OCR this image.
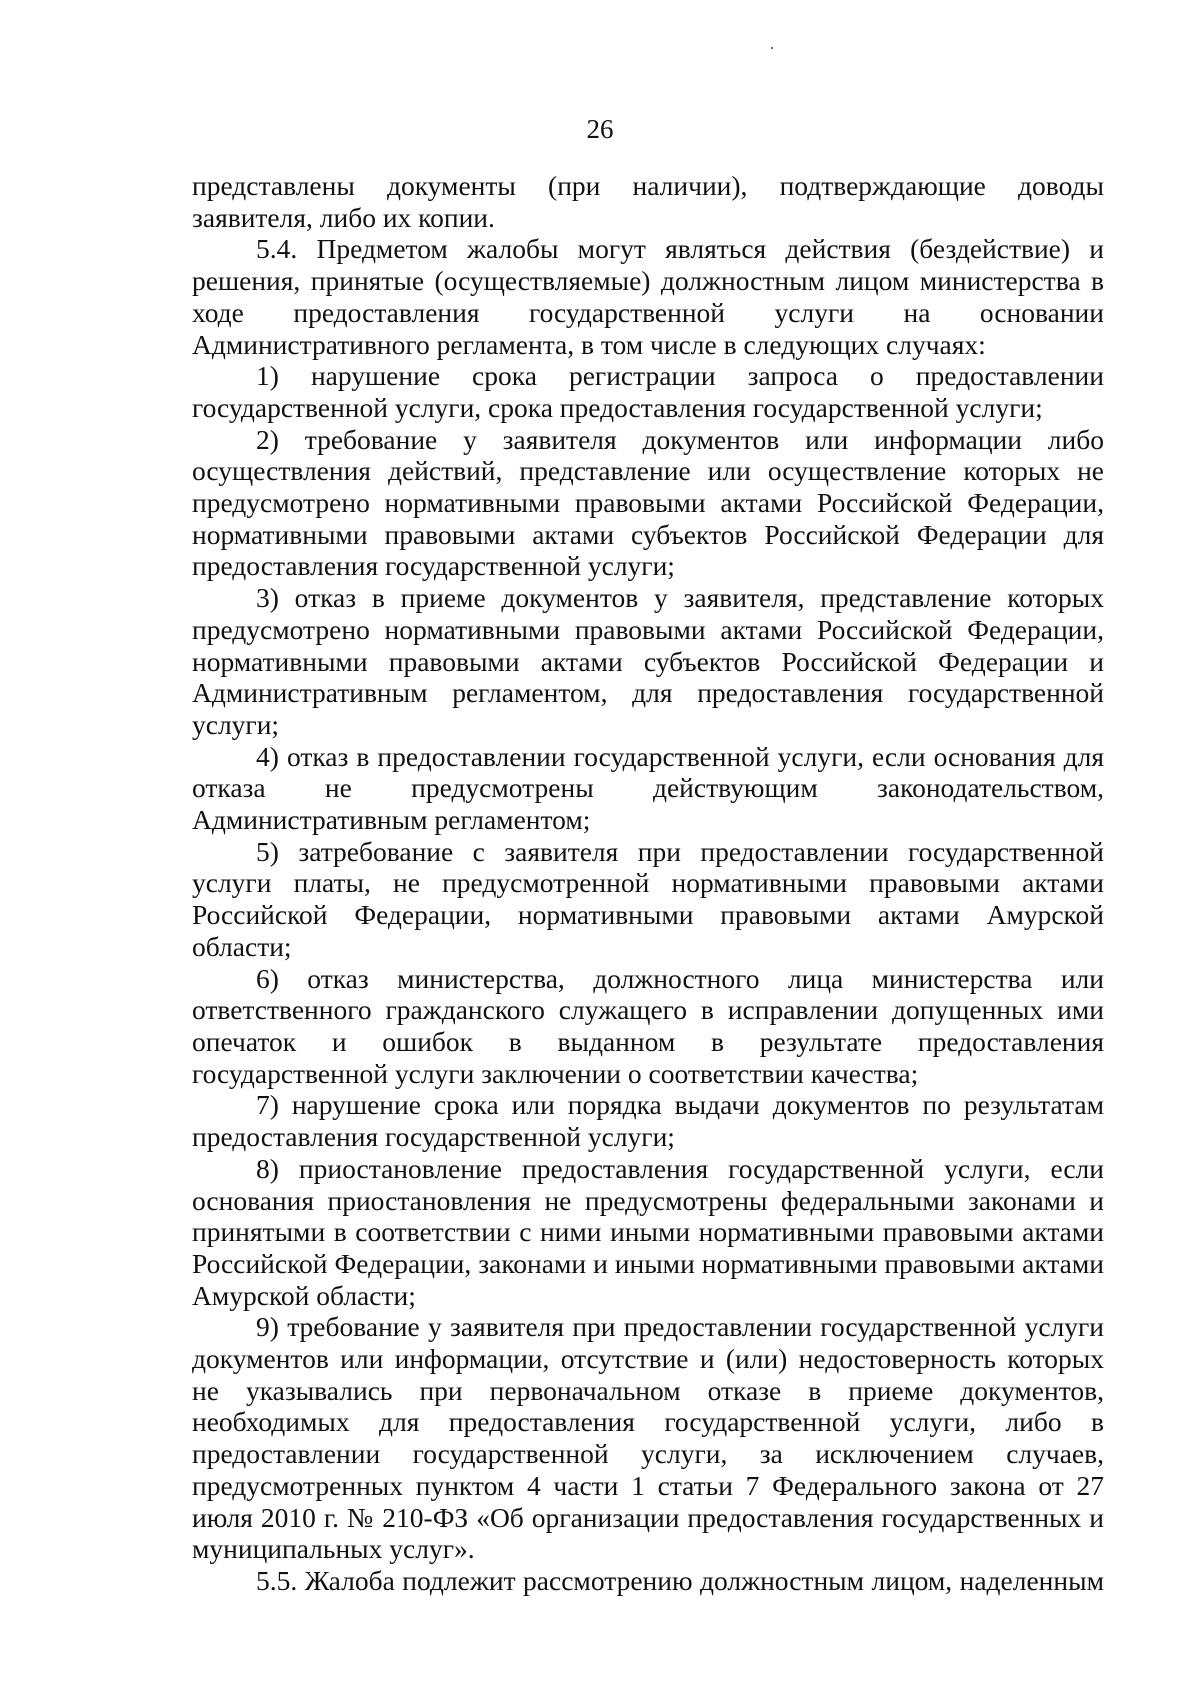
26

представлены документы (при наличии), подтверждающие доводы заявителя, либо их копии.

5.4. Предметом жалобы могут являться действия (бездействие) и решения, принятые (осуществляемые) должностным лицом министерства в ходе предоставления государственной услуги на основании Административного регламента, в том числе в следующих случаях:

1) нарушение срока регистрации запроса о предоставлении государственной услуги, срока предоставления государственной услуги;

2) требование у заявителя документов или информации либо осуществления действий, представление или осуществление которых не предусмотрено нормативными правовыми актами Российской Федерации, нормативными правовыми актами субъектов Российской Федерации для предоставления государственной услуги;

3) отказ в приеме документов у заявителя, представление которых предусмотрено нормативными правовыми актами Российской Федерации, нормативными правовыми актами субъектов Российской Федерации и Административным регламентом, для предоставления государственной услуги;

4) отказ в предоставлении государственной услуги, если основания для отказа не предусмотрены действующим законодательством, Административным регламентом;

5) затребование с заявителя при предоставлении государственной услуги платы, не предусмотренной нормативными правовыми актами Российской Федерации, нормативными правовыми актами Амурской области;

6) отказ министерства, должностного лица министерства или ответственного гражданского служащего в исправлении допущенных ими опечаток и ошибок в выданном в результате предоставления государственной услуги заключении о соответствии качества;

7) нарушение срока или порядка выдачи документов по результатам предоставления государственной услуги;

8) приостановление предоставления государственной услуги, если основания приостановления не предусмотрены федеральными законами и принятыми в соответствии с ними иными нормативными правовыми актами Российской Федерации, законами и иными нормативными правовыми актами Амурской области;

9) требование у заявителя при предоставлении государственной услуги документов или информации, отсутствие и (или) недостоверность которых не указывались при первоначальном отказе в приеме документов, необходимых для предоставления государственной услуги, либо в предоставлении государственной услуги, за исключением случаев, предусмотренных пунктом 4 части 1 статьи 7 Федерального закона от 27 июля 2010 г. № 210-ФЗ «Об организации предоставления государственных и муниципальных услуг».

5.5. Жалоба подлежит рассмотрению должностным лицом, наделенным
